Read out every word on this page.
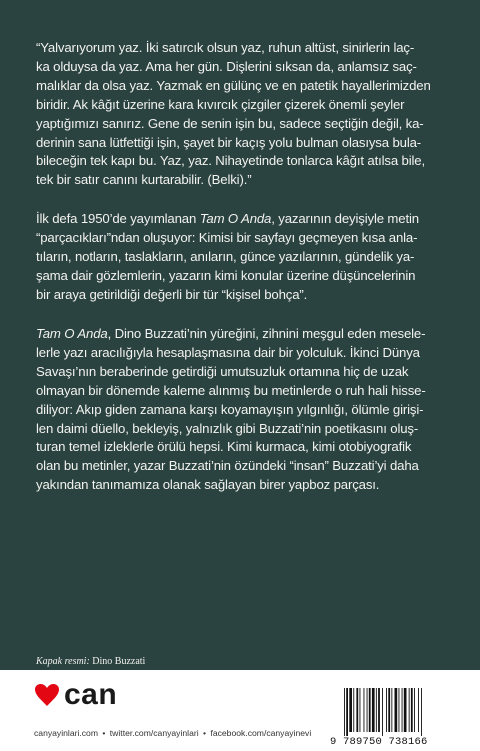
“Yalvarıyorum yaz. İki satırcık olsun yaz, ruhun altüst, sinirlerin laç-

ka olduysa da yaz. Ama her gün. Dişlerini sıksan da, anlamsız saç-

malıklar da olsa yaz. Yazmak en gülünç ve en patetik hayallerimizden

biridir. Ak kâğıt üzerine kara kıvırcık çizgiler çizerek önemli şeyler

yaptığımızı sanırız. Gene de senin işin bu, sadece seçtiğin değil, ka-

derinin sana lütfettiği işin, şayet bir kaçış yolu bulman olasıysa bula-

bileceğin tek kapı bu. Yaz, yaz. Nihayetinde tonlarca kâğıt atılsa bile,

tek bir satır canını kurtarabilir. (Belki).”

İlk defa 1950’de yayımlanan Tam O Anda, yazarının deyişiyle metin

“parçacıkları”ndan oluşuyor: Kimisi bir sayfayı geçmeyen kısa anla-

tıların, notların, taslakların, anıların, günce yazılarının, gündelik ya-

şama dair gözlemlerin, yazarın kimi konular üzerine düşüncelerinin

bir araya getirildiği değerli bir tür “kişisel bohça”.

Tam O Anda, Dino Buzzati’nin yüreğini, zihnini meşgul eden mesele-

lerle yazı aracılığıyla hesaplaşmasına dair bir yolculuk. İkinci Dünya

Savaşı’nın beraberinde getirdiği umutsuzluk ortamına hiç de uzak

olmayan bir dönemde kaleme alınmış bu metinlerde o ruh hali hisse-

diliyor: Akıp giden zamana karşı koyamayışın yılgınlığı, ölümle girişi-

len daimi düello, bekleyiş, yalnızlık gibi Buzzati’nin poetikasını oluş-

turan temel izleklerle örülü hepsi. Kimi kurmaca, kimi otobiyografik

olan bu metinler, yazar Buzzati’nin özündeki “insan” Buzzati’yi daha

yakından tanımamıza olanak sağlayan birer yapboz parçası.

Kapak resmi: Dino Buzzati
can
canyayinlari.com • twitter.com/canyayinlari • facebook.com/canyayinevi
9 789750 738166
